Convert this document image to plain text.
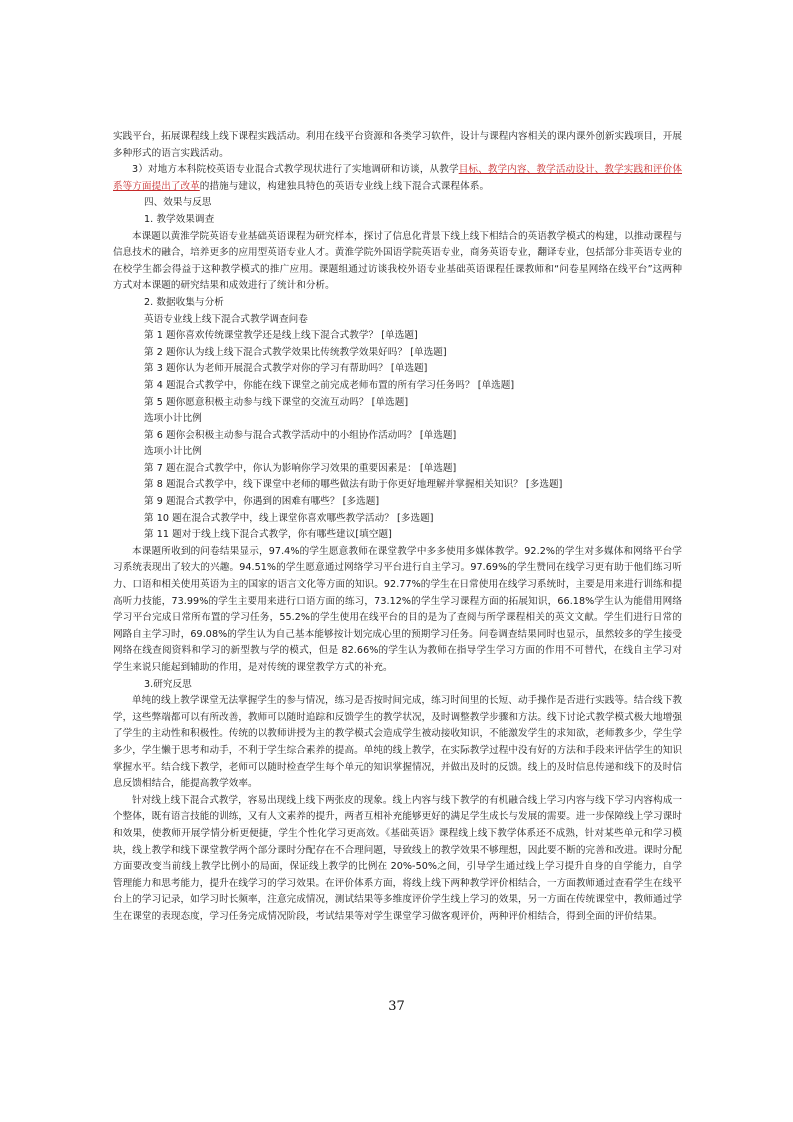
实践平台，拓展课程线上线下课程实践活动。利用在线平台资源和各类学习软件，设计与课程内容相关的课内课外创新实践项目，开展多种形式的语言实践活动。

3）对地方本科院校英语专业混合式教学现状进行了实地调研和访谈，从教学目标、教学内容、教学活动设计、教学实践和评价体系等方面提出了改革的措施与建议，构建独具特色的英语专业线上线下混合式课程体系。

四、效果与反思

1. 教学效果调查

本课题以黄淮学院英语专业基础英语课程为研究样本，探讨了信息化背景下线上线下相结合的英语教学模式的构建，以推动课程与信息技术的融合，培养更多的应用型英语专业人才。黄淮学院外国语学院英语专业，商务英语专业，翻译专业，包括部分非英语专业的在校学生都会得益于这种教学模式的推广应用。课题组通过访谈我校外语专业基础英语课程任课教师和“问卷星网络在线平台”这两种方式对本课题的研究结果和成效进行了统计和分析。

2. 数据收集与分析

英语专业线上线下混合式教学调查问卷

第 1 题你喜欢传统课堂教学还是线上线下混合式教学？ [单选题]

第 2 题你认为线上线下混合式教学效果比传统教学效果好吗？ [单选题]

第 3 题你认为老师开展混合式教学对你的学习有帮助吗？ [单选题]

第 4 题混合式教学中，你能在线下课堂之前完成老师布置的所有学习任务吗？ [单选题]

第 5 题你愿意积极主动参与线下课堂的交流互动吗？ [单选题]

选项小计比例

第 6 题你会积极主动参与混合式教学活动中的小组协作活动吗？ [单选题]

选项小计比例

第 7 题在混合式教学中，你认为影响你学习效果的重要因素是： [单选题]

第 8 题混合式教学中，线下课堂中老师的哪些做法有助于你更好地理解并掌握相关知识？ [多选题]

第 9 题混合式教学中，你遇到的困难有哪些？ [多选题]

第 10 题在混合式教学中，线上课堂你喜欢哪些教学活动？ [多选题]

第 11 题对于线上线下混合式教学，你有哪些建议[填空题]

本课题所收到的问卷结果显示，97.4%的学生愿意教师在课堂教学中多多使用多媒体教学。92.2%的学生对多媒体和网络平台学习系统表现出了较大的兴趣。94.51%的学生愿意通过网络学习平台进行自主学习。97.69%的学生赞同在线学习更有助于他们练习听力、口语和相关使用英语为主的国家的语言文化等方面的知识。92.77%的学生在日常使用在线学习系统时，主要是用来进行训练和提高听力技能，73.99%的学生主要用来进行口语方面的练习，73.12%的学生学习课程方面的拓展知识，66.18%学生认为能借用网络学习平台完成日常所布置的学习任务，55.2%的学生使用在线平台的目的是为了查阅与所学课程相关的英文文献。学生们进行日常的网路自主学习时，69.08%的学生认为自己基本能够按计划完成心里的预期学习任务。问卷调查结果同时也显示，虽然较多的学生接受网络在线查阅资料和学习的新型教与学的模式，但是 82.66%的学生认为教师在指导学生学习方面的作用不可替代，在线自主学习对学生来说只能起到辅助的作用，是对传统的课堂教学方式的补充。

3.研究反思

单纯的线上教学课堂无法掌握学生的参与情况，练习是否按时间完成，练习时间里的长短、动手操作是否进行实践等。结合线下教学，这些弊端都可以有所改善，教师可以随时追踪和反馈学生的教学状况，及时调整教学步骤和方法。线下讨论式教学模式极大地增强了学生的主动性和积极性。传统的以教师讲授为主的教学模式会造成学生被动接收知识，不能激发学生的求知欲，老师教多少，学生学多少，学生懒于思考和动手，不利于学生综合素养的提高。单纯的线上教学，在实际教学过程中没有好的方法和手段来评估学生的知识掌握水平。结合线下教学，老师可以随时检查学生每个单元的知识掌握情况，并做出及时的反馈。线上的及时信息传递和线下的及时信息反馈相结合，能提高教学效率。

针对线上线下混合式教学，容易出现线上线下两张皮的现象。线上内容与线下教学的有机融合线上学习内容与线下学习内容构成一个整体，既有语言技能的训练，又有人文素养的提升，两者互相补充能够更好的满足学生成长与发展的需要。进一步保障线上学习课时和效果，使教师开展学情分析更便捷，学生个性化学习更高效。《基础英语》课程线上线下教学体系还不成熟，针对某些单元和学习模块，线上教学和线下课堂教学两个部分课时分配存在不合理问题，导致线上的教学效果不够理想，因此要不断的完善和改进。课时分配方面要改变当前线上教学比例小的局面，保证线上教学的比例在 20%-50%之间，引导学生通过线上学习提升自身的自学能力，自学管理能力和思考能力，提升在线学习的学习效果。在评价体系方面，将线上线下两种教学评价相结合，一方面教师通过查看学生在线平台上的学习记录，如学习时长频率，注意完成情况，测试结果等多维度评价学生线上学习的效果，另一方面在传统课堂中，教师通过学生在课堂的表现态度，学习任务完成情况阶段，考试结果等对学生课堂学习做客观评价，两种评价相结合，得到全面的评价结果。

37
